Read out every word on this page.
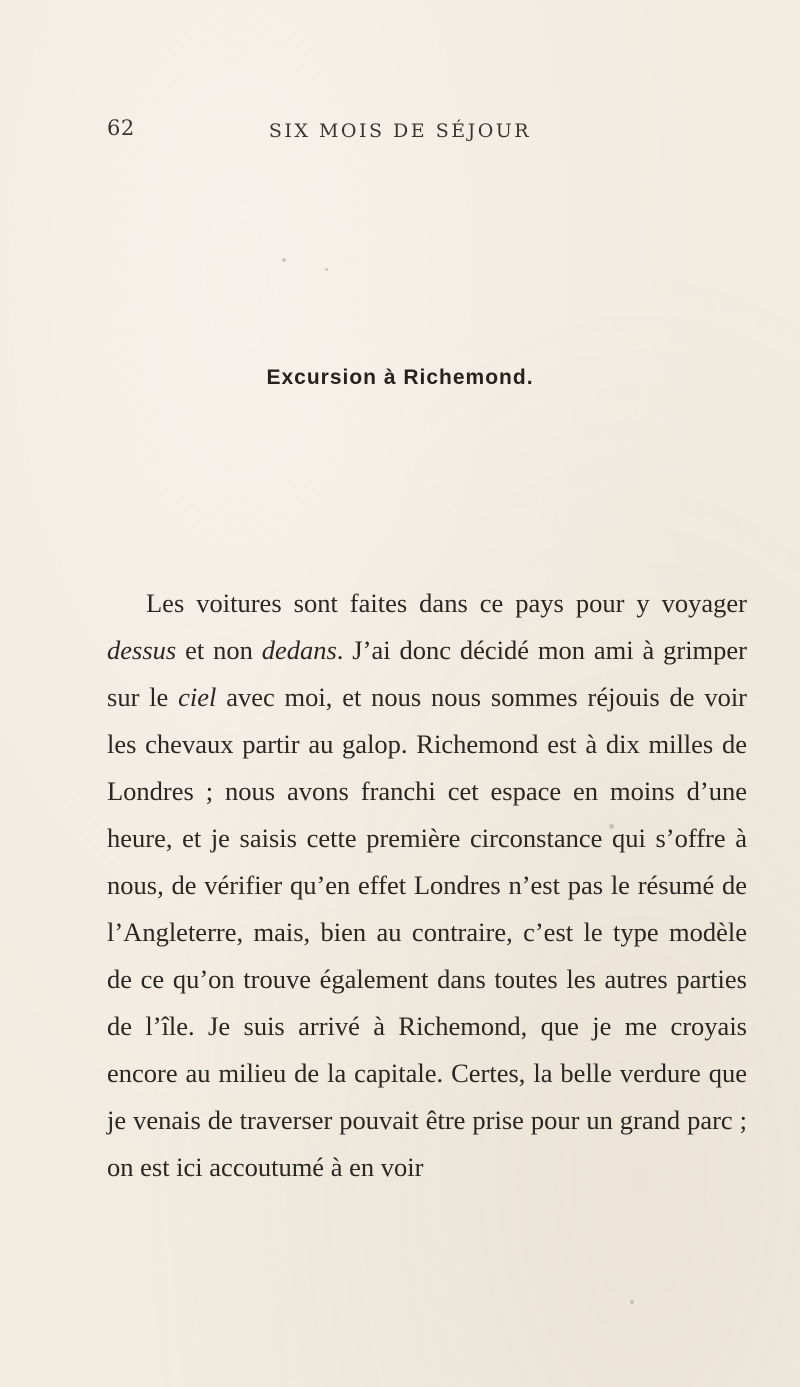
62	SIX MOIS DE SÉJOUR
Excursion à Richemond.

Les voitures sont faites dans ce pays pour y voyager dessus et non dedans. J’ai donc décidé mon ami à grimper sur le ciel avec moi, et nous nous sommes réjouis de voir les chevaux partir au galop. Richemond est à dix milles de Londres ; nous avons franchi cet espace en moins d’une heure, et je saisis cette première circonstance qui s’offre à nous, de vérifier qu’en effet Londres n’est pas le résumé de l’Angleterre, mais, bien au contraire, c’est le type modèle de ce qu’on trouve également dans toutes les autres parties de l’île. Je suis arrivé à Richemond, que je me croyais encore au milieu de la capitale. Certes, la belle verdure que je venais de traverser pouvait être prise pour un grand parc ; on est ici accoutumé à en voir
